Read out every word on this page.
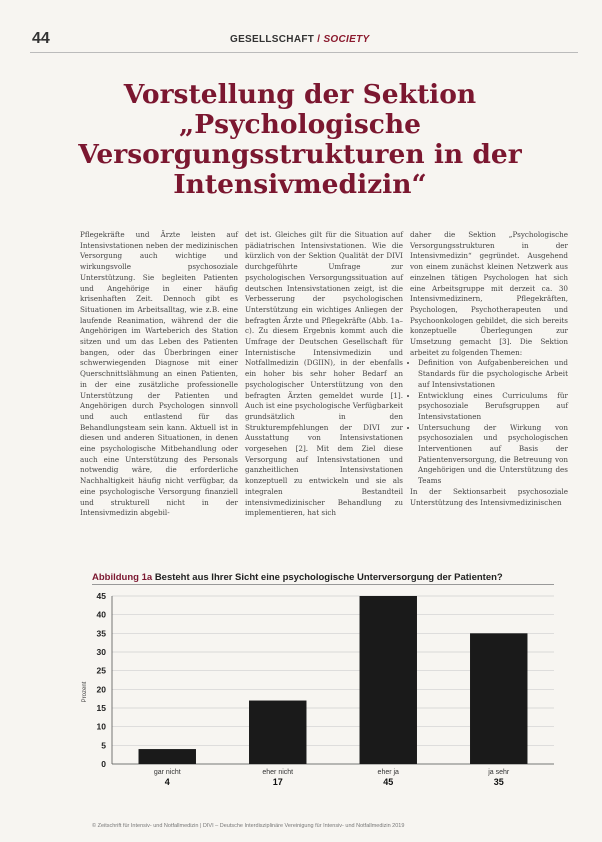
44	GESELLSCHAFT / SOCIETY
Vorstellung der Sektion
„Psychologische
Versorgungsstrukturen in der
Intensivmedizin“

Pflegekräfte und Ärzte leisten auf Intensivstationen neben der medizinischen Versorgung auch wichtige und wirkungsvolle psychosoziale Unterstützung. Sie begleiten Patienten und Angehörige in einer häufig krisenhaften Zeit. Dennoch gibt es Situationen im Arbeitsalltag, wie z.B. eine laufende Reanimation, während der die Angehörigen im Warteberich des Station sitzen und um das Leben des Patienten bangen, oder das Überbringen einer schwerwiegenden Diagnose mit einer Querschnittslähmung an einen Patienten, in der eine zusätzliche professionelle Unterstützung der Patienten und Angehörigen durch Psychologen sinnvoll und auch entlastend für das Behandlungsteam sein kann. Aktuell ist in diesen und anderen Situationen, in denen eine psychologische Mitbehandlung oder auch eine Unterstützung des Personals notwendig wäre, die erforderliche Nachhaltigkeit häufig nicht verfügbar, da eine psychologische Versorgung finanziell und strukturell nicht in der Intensivmedizin abgebil-

det ist. Gleiches gilt für die Situation auf pädiatrischen Intensivstationen. Wie die kürzlich von der Sektion Qualität der DIVI durchgeführte Umfrage zur psychologischen Versorgungssituation auf deutschen Intensivstationen zeigt, ist die Verbesserung der psychologischen Unterstützung ein wichtiges Anliegen der befragten Ärzte und Pflegekräfte (Abb. 1a–c). Zu diesem Ergebnis kommt auch die Umfrage der Deutschen Gesellschaft für Internistische Intensivmedizin und Notfallmedizin (DGIIN), in der ebenfalls ein hoher bis sehr hoher Bedarf an psychologischer Unterstützung von den befragten Ärzten gemeldet wurde [1]. Auch ist eine psychologische Verfügbarkeit grundsätzlich in den Strukturempfehlungen der DIVI zur Ausstattung von Intensivstationen vorgesehen [2]. Mit dem Ziel diese Versorgung auf Intensivstationen und ganzheitlichen Intensivstationen konzeptuell zu entwickeln und sie als integralen Bestandteil intensivmedizinischer Behandlung zu implementieren, hat sich

daher die Sektion „Psychologische Versorgungsstrukturen in der Intensivmedizin“ gegründet. Ausgehend von einem zunächst kleinen Netzwerk aus einzelnen tätigen Psychologen hat sich eine Arbeitsgruppe mit derzeit ca. 30 Intensivmedizinern, Pflegekräften, Psychologen, Psychotherapeuten und Psychoonkologen gebildet, die sich bereits konzeptuelle Überlegungen zur Umsetzung gemacht [3]. Die Sektion arbeitet zu folgenden Themen:

• Definition von Aufgabenbereichen und Standards für die psychologische Arbeit auf Intensivstationen
• Entwicklung eines Curriculums für psychosoziale Berufsgruppen auf Intensivstationen
• Untersuchung der Wirkung von psychosozialen und psychologischen Interventionen auf Basis der Patientenversorgung, die Betreuung von Angehörigen und die Unterstützung des Teams

In der Sektionsarbeit psychosoziale Unterstützung des Intensivmedizinischen

Abbildung 1a Besteht aus Ihrer Sicht eine psychologische Unterversorgung der Patienten?
0
5
10
15
20
25
30
35
40
45
Prozent
gar nicht
4
eher nicht
17
eher ja
45
ja sehr
35
© Zeitschrift für Intensiv- und Notfallmedizin | DIVI – Deutsche Interdisziplinäre Vereinigung für Intensiv- und Notfallmedizin 2019
